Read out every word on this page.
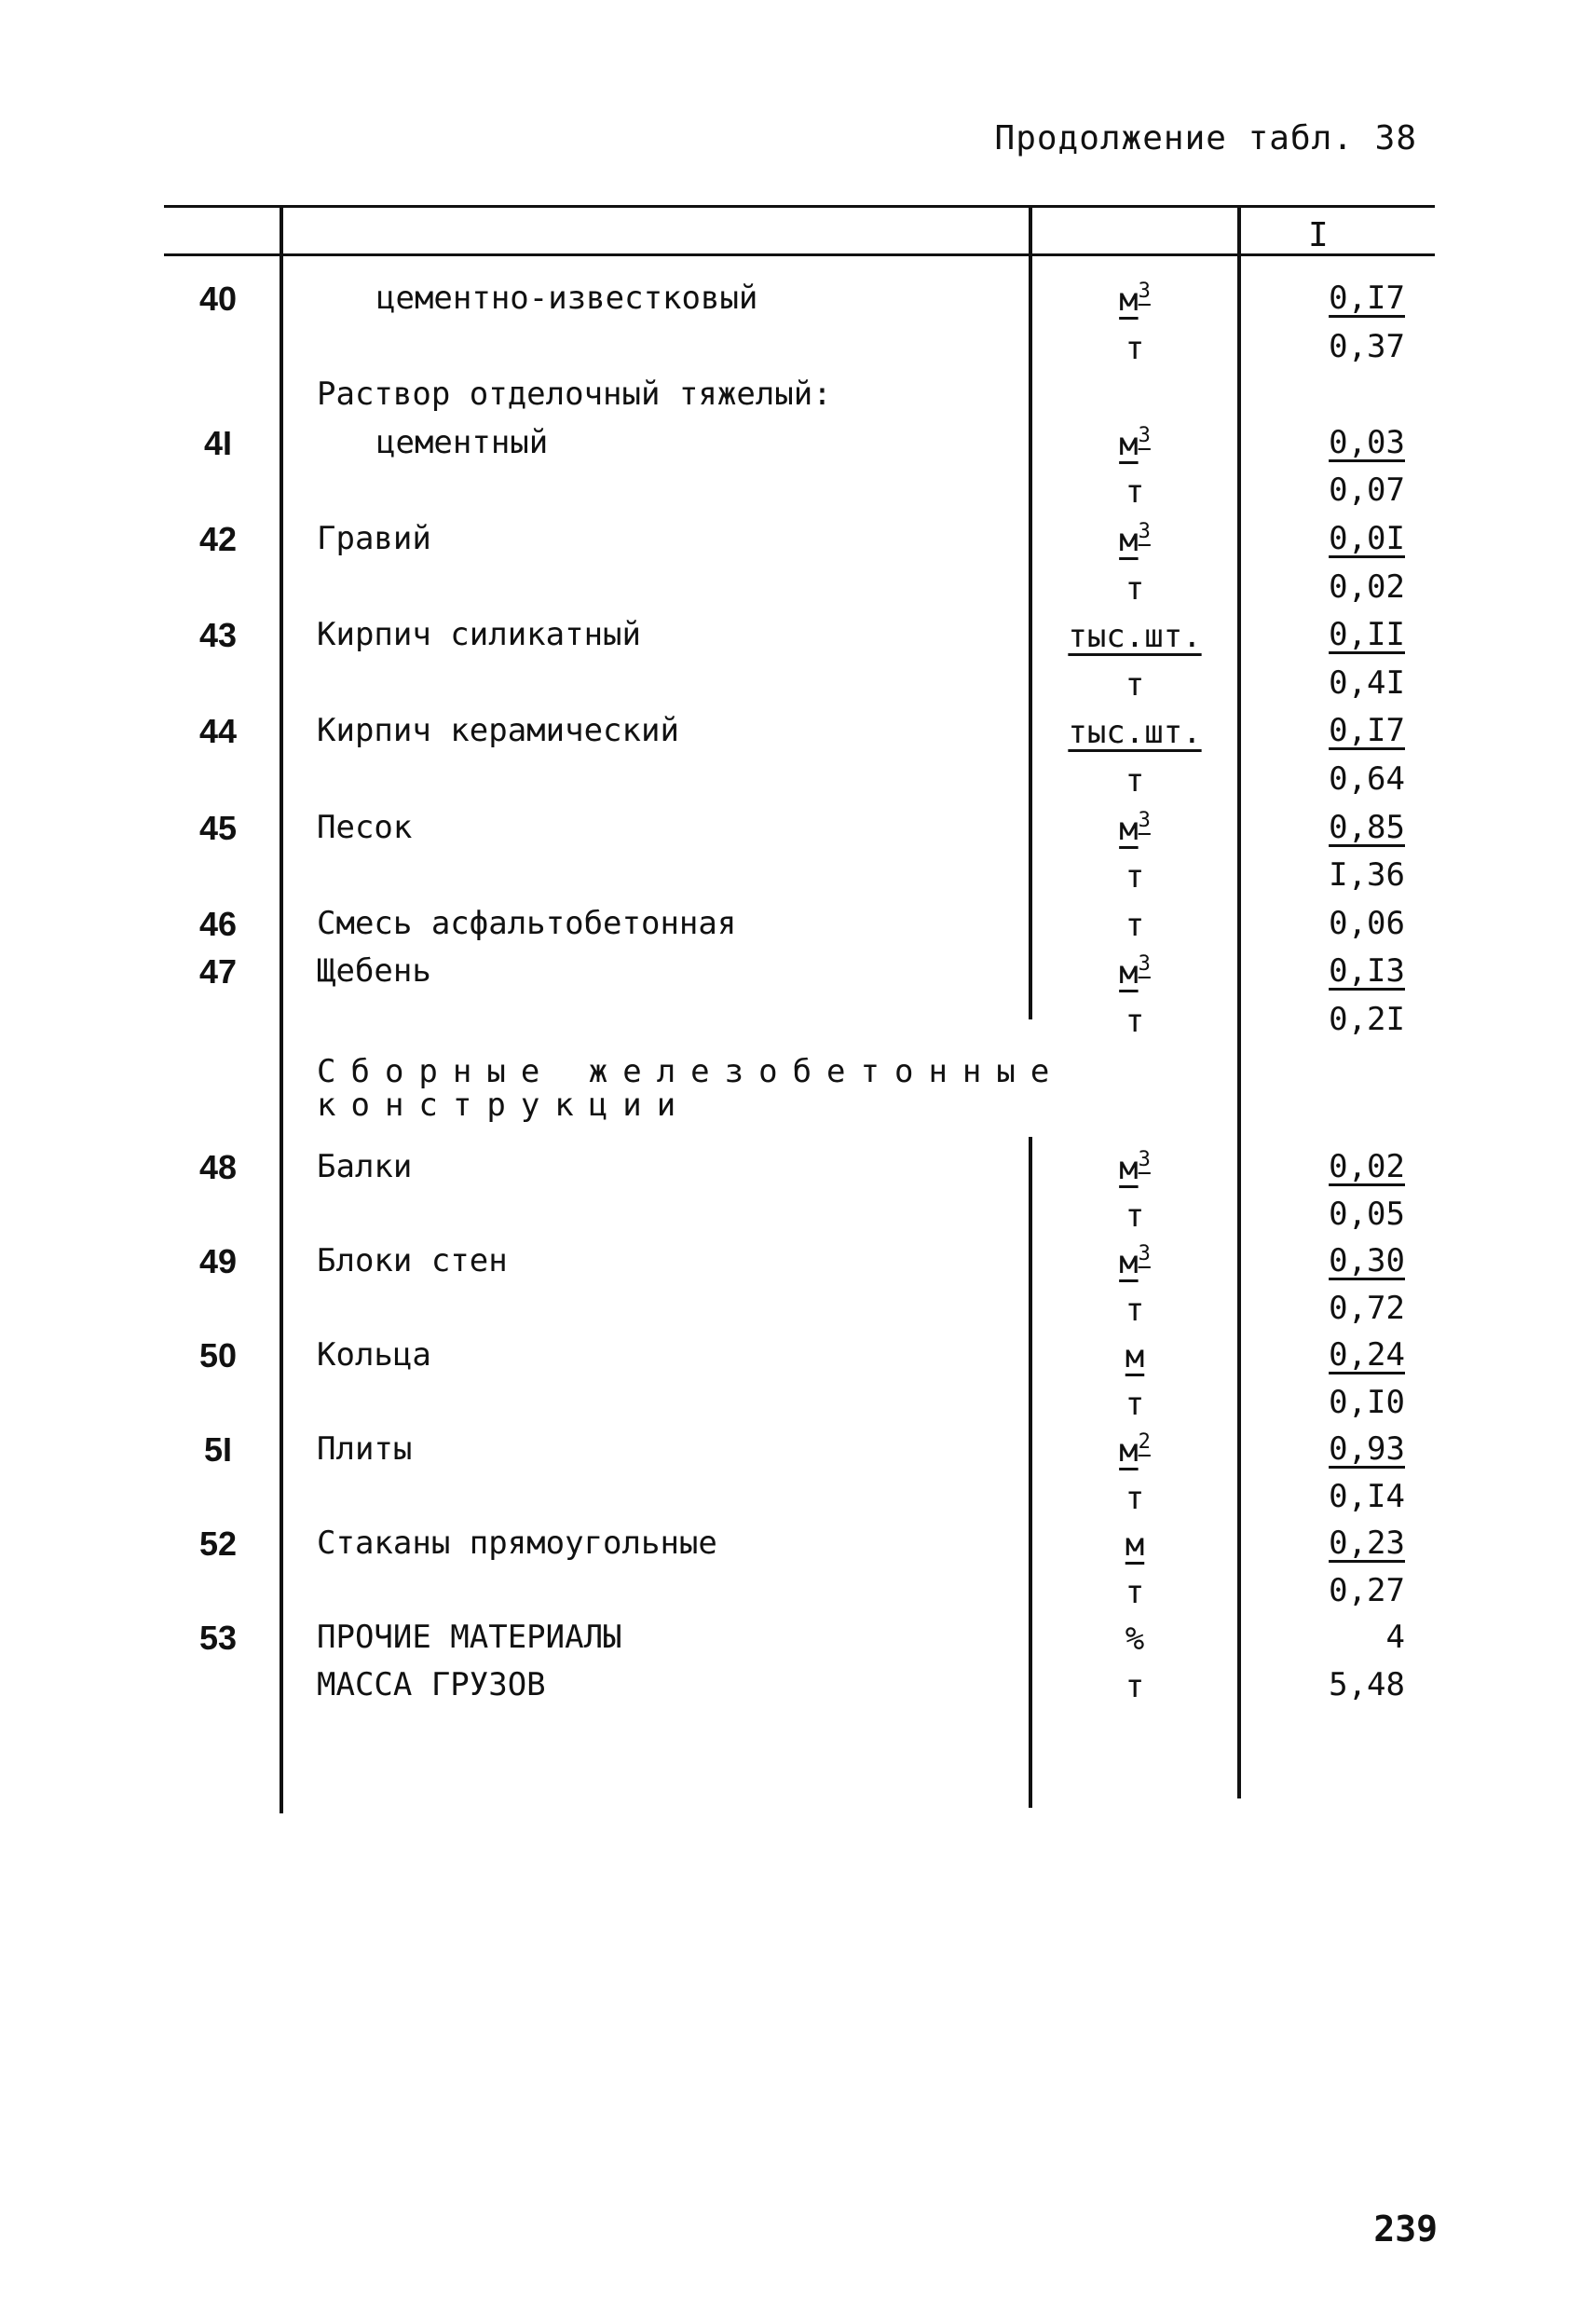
Продолжение табл. 38
I
40	цементно-известковый	$м^3$	0,I7
т	0,37
Раствор отделочный тяжелый:
4I	цементный	$м^3$	0,03
т	0,07
42	Гравий	$м^3$	0,0I
т	0,02
43	Кирпич силикатный	тыс.шт.	0,II
т	0,4I
44	Кирпич керамический	тыс.шт.	0,I7
т	0,64
45	Песок	$м^3$	0,85
т	I,36
46	Смесь асфальтобетонная	т	0,06
47	Щебень	$м^3$	0,I3
т	0,2I
Сборные железобетонные конструкции
48	Балки	$м^3$	0,02
т	0,05
49	Блоки стен	$м^3$	0,30
т	0,72
50	Кольца	м	0,24
т	0,I0
5I	Плиты	$м^2$	0,93
т	0,I4
52	Стаканы прямоугольные	м	0,23
т	0,27
53	ПРОЧИЕ МАТЕРИАЛЫ	%	4
МАССА ГРУЗОВ	т	5,48
239
